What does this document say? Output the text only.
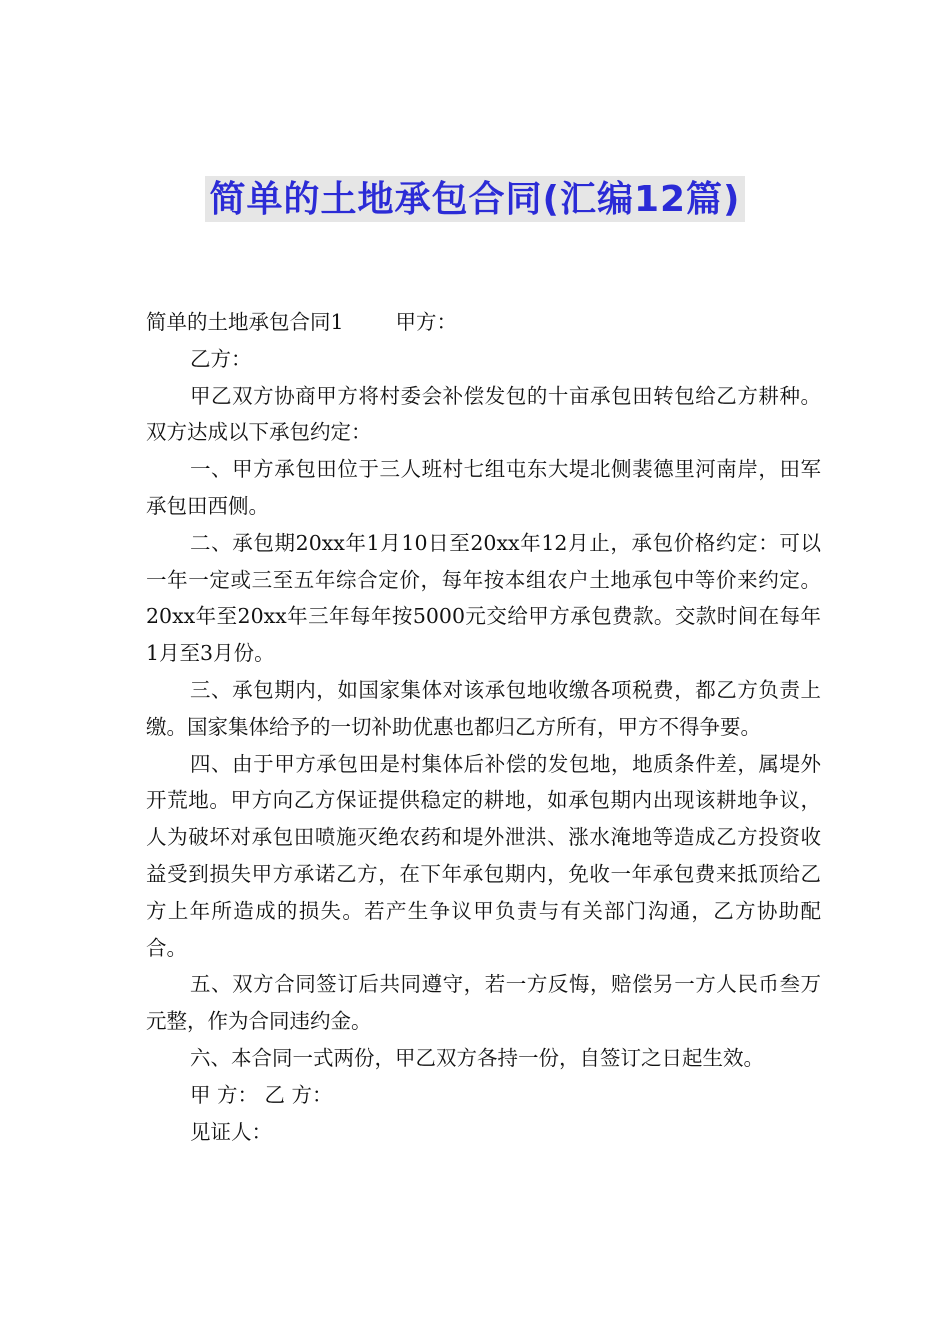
简单的土地承包合同(汇编12篇)

简单的土地承包合同1	甲方：

乙方：

甲乙双方协商甲方将村委会补偿发包的十亩承包田转包给乙方耕种。双方达成以下承包约定：

一、甲方承包田位于三人班村七组屯东大堤北侧裴德里河南岸，田军承包田西侧。

二、承包期20xx年1月10日至20xx年12月止，承包价格约定：可以一年一定或三至五年综合定价，每年按本组农户土地承包中等价来约定。20xx年至20xx年三年每年按5000元交给甲方承包费款。交款时间在每年1月至3月份。

三、承包期内，如国家集体对该承包地收缴各项税费，都乙方负责上缴。国家集体给予的一切补助优惠也都归乙方所有，甲方不得争要。

四、由于甲方承包田是村集体后补偿的发包地，地质条件差，属堤外开荒地。甲方向乙方保证提供稳定的耕地，如承包期内出现该耕地争议，人为破坏对承包田喷施灭绝农药和堤外泄洪、涨水淹地等造成乙方投资收益受到损失甲方承诺乙方，在下年承包期内，免收一年承包费来抵顶给乙方上年所造成的损失。若产生争议甲负责与有关部门沟通，乙方协助配合。

五、双方合同签订后共同遵守，若一方反悔，赔偿另一方人民币叁万元整，作为合同违约金。

六、本合同一式两份，甲乙双方各持一份，自签订之日起生效。

甲 方： 乙 方：

见证人：
